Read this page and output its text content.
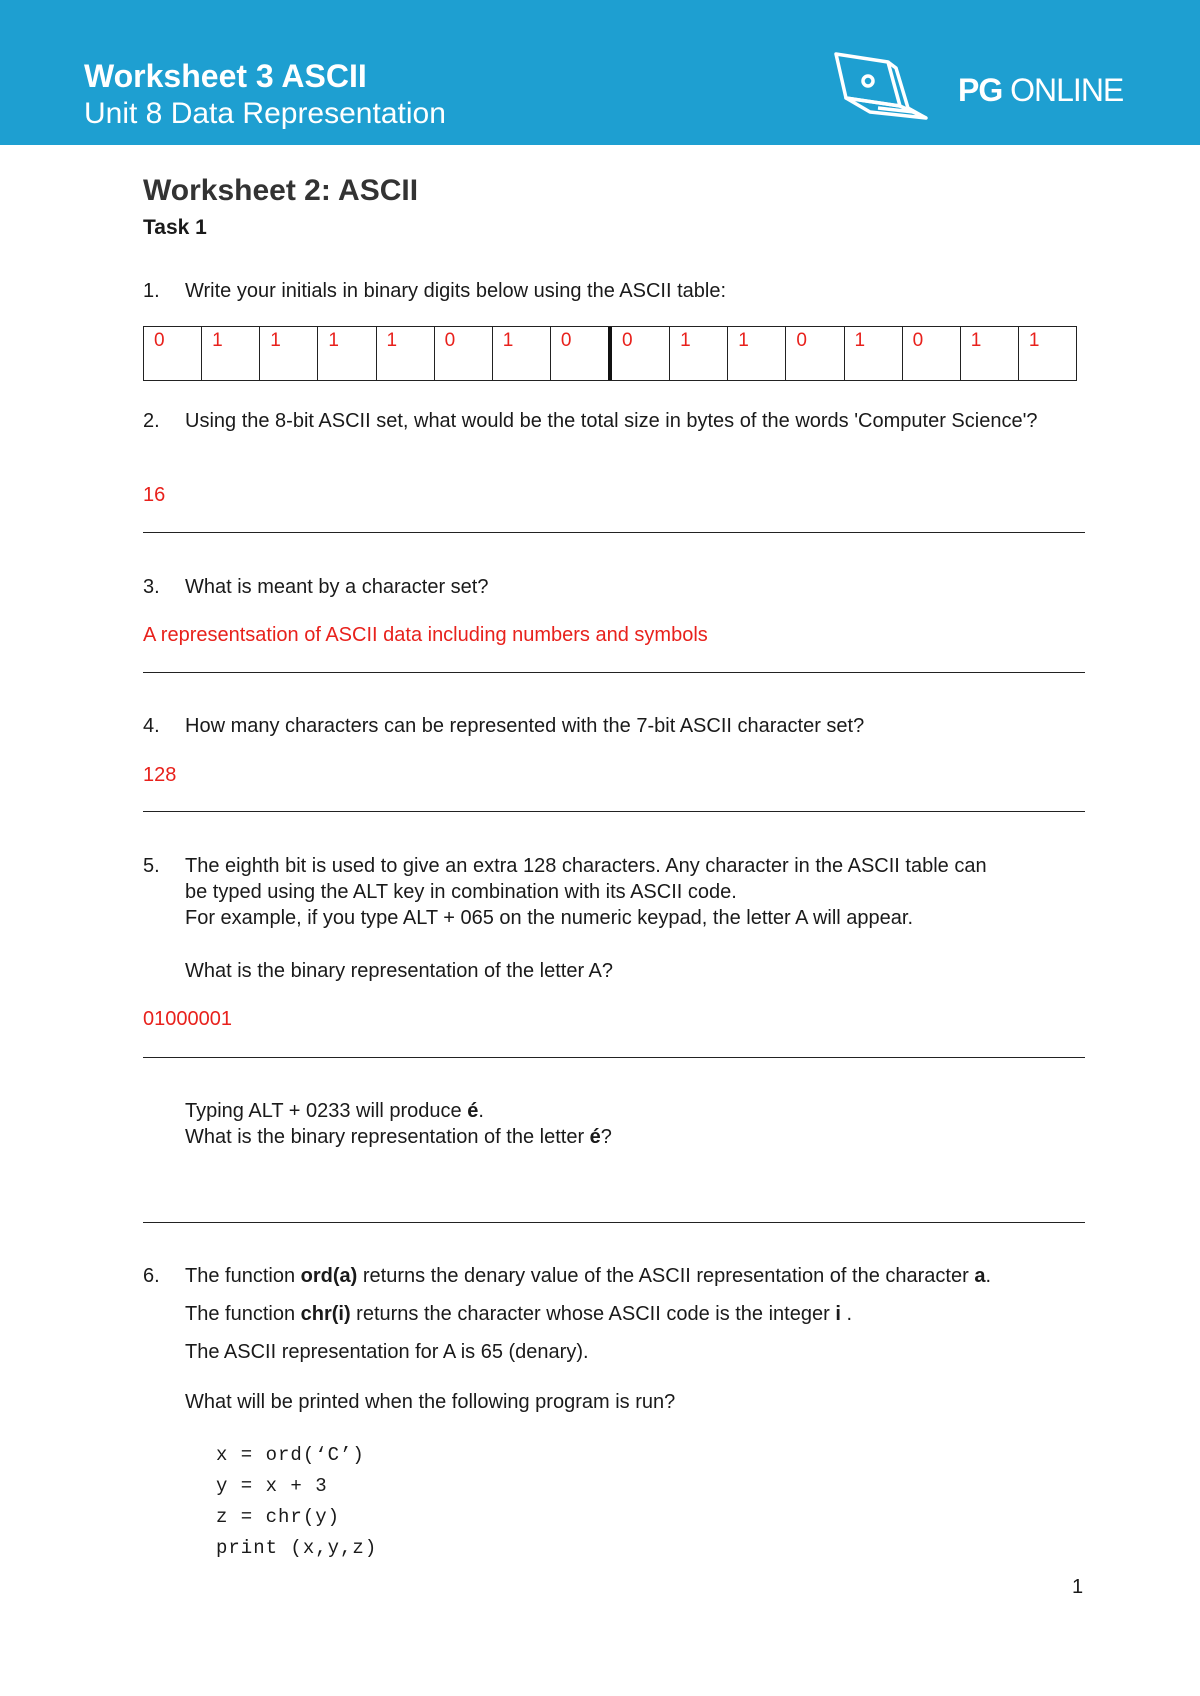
Worksheet 3 ASCII
Unit 8 Data Representation
PG ONLINE
Worksheet 2: ASCII
Task 1
1. Write your initials in binary digits below using the ASCII table:
0	1	1	1	1	0	1	0	0	1	1	0	1	0	1	1
2. Using the 8-bit ASCII set, what would be the total size in bytes of the words 'Computer Science'?
16
3. What is meant by a character set?
A representsation of ASCII data including numbers and symbols
4. How many characters can be represented with the 7-bit ASCII character set?
128
5. The eighth bit is used to give an extra 128 characters. Any character in the ASCII table can
be typed using the ALT key in combination with its ASCII code.
For example, if you type ALT + 065 on the numeric keypad, the letter A will appear.
What is the binary representation of the letter A?
01000001
Typing ALT + 0233 will produce é.
What is the binary representation of the letter é?
6. The function ord(a) returns the denary value of the ASCII representation of the character a.
The function chr(i) returns the character whose ASCII code is the integer i .
The ASCII representation for A is 65 (denary).
What will be printed when the following program is run?
x = ord(‘C’)
y = x + 3
z = chr(y)
print (x,y,z)
1
